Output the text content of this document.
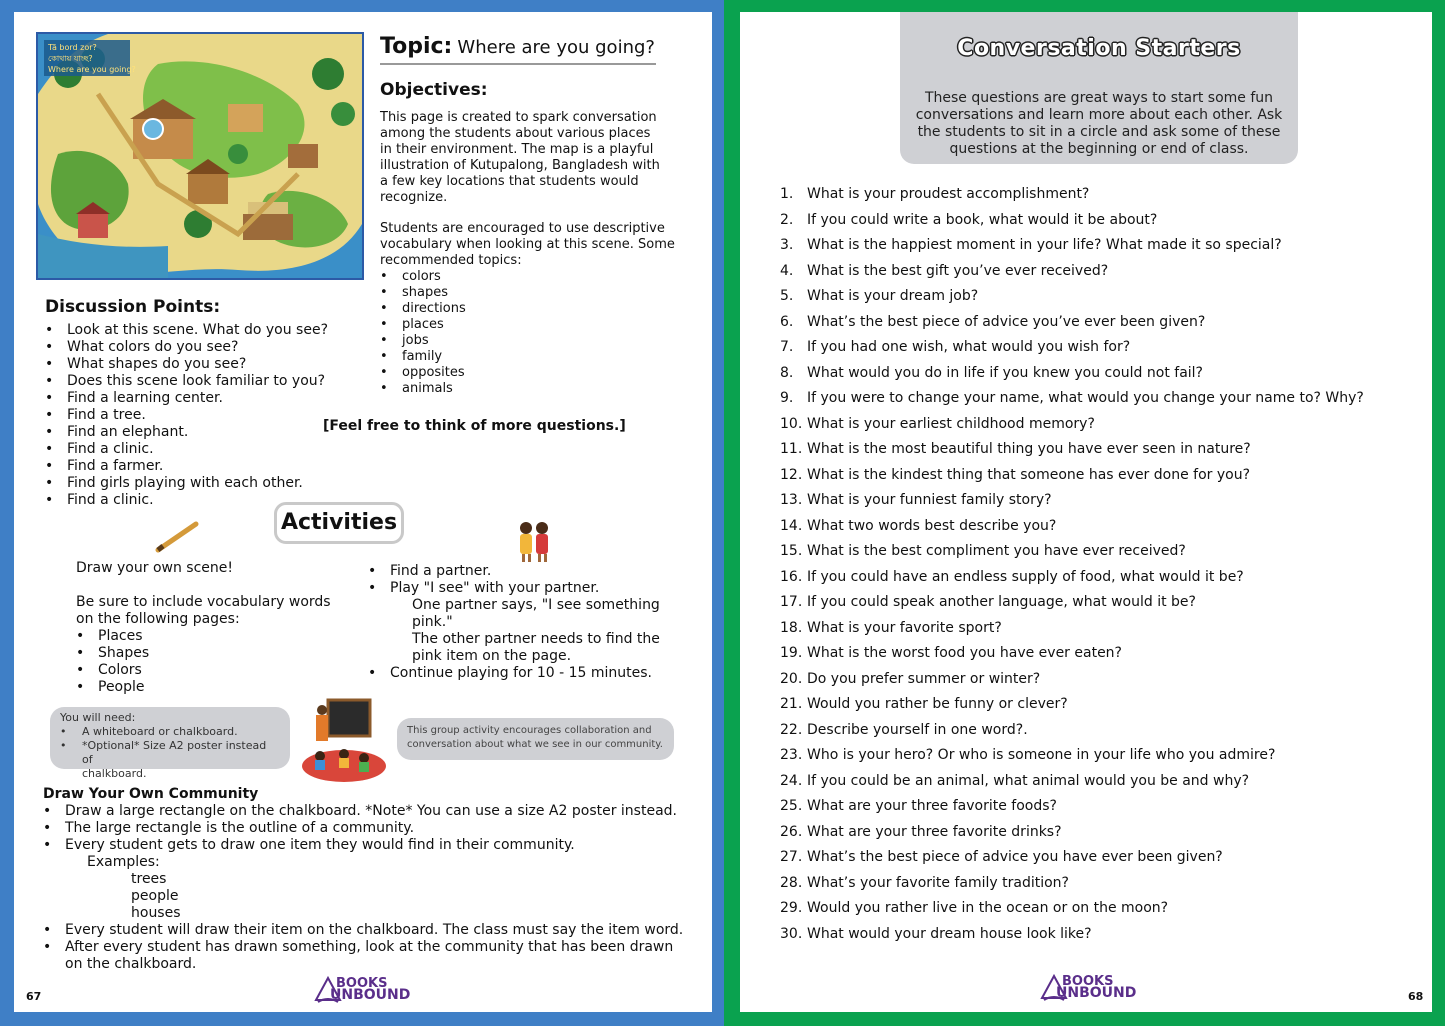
Tã bord zor?
কোথায় যাচ্ছ?
Where are you going?
Topic: Where are you going?
Objectives:
This page is created to spark conversation
among the students about various places
in their environment. The map is a playful
illustration of Kutupalong, Bangladesh with
a few key locations that students would
recognize.
Students are encouraged to use descriptive
vocabulary when looking at this scene. Some
recommended topics:
• colors
• shapes
• directions
• places
• jobs
• family
• opposites
• animals
Discussion Points:
• Look at this scene. What do you see?
• What colors do you see?
• What shapes do you see?
• Does this scene look familiar to you?
• Find a learning center.
• Find a tree.
• Find an elephant.
• Find a clinic.
• Find a farmer.
• Find girls playing with each other.
• Find a clinic.
[Feel free to think of more questions.]
Activities
Draw your own scene!
Be sure to include vocabulary words
on the following pages:
• Places
• Shapes
• Colors
• People
• Find a partner.
• Play "I see" with your partner.
One partner says, "I see something
pink."
The other partner needs to find the
pink item on the page.
• Continue playing for 10 - 15 minutes.
You will need:
• A whiteboard or chalkboard.
• *Optional* Size A2 poster instead of
chalkboard.
This group activity encourages collaboration and
conversation about what we see in our community.
Draw Your Own Community
• Draw a large rectangle on the chalkboard. *Note* You can use a size A2 poster instead.
• The large rectangle is the outline of a community.
• Every student gets to draw one item they would find in their community.
Examples:
trees
people
houses
• Every student will draw their item on the chalkboard. The class must say the item word.
• After every student has drawn something, look at the community that has been drawn
on the chalkboard.
67
BOOKS
UNBOUND
Conversation Starters
These questions are great ways to start some fun
conversations and learn more about each other. Ask
the students to sit in a circle and ask some of these
questions at the beginning or end of class.
1. What is your proudest accomplishment?
2. If you could write a book, what would it be about?
3. What is the happiest moment in your life? What made it so special?
4. What is the best gift you’ve ever received?
5. What is your dream job?
6. What’s the best piece of advice you’ve ever been given?
7. If you had one wish, what would you wish for?
8. What would you do in life if you knew you could not fail?
9. If you were to change your name, what would you change your name to? Why?
10. What is your earliest childhood memory?
11. What is the most beautiful thing you have ever seen in nature?
12. What is the kindest thing that someone has ever done for you?
13. What is your funniest family story?
14. What two words best describe you?
15. What is the best compliment you have ever received?
16. If you could have an endless supply of food, what would it be?
17. If you could speak another language, what would it be?
18. What is your favorite sport?
19. What is the worst food you have ever eaten?
20. Do you prefer summer or winter?
21. Would you rather be funny or clever?
22. Describe yourself in one word?.
23. Who is your hero? Or who is someone in your life who you admire?
24. If you could be an animal, what animal would you be and why?
25. What are your three favorite foods?
26. What are your three favorite drinks?
27. What’s the best piece of advice you have ever been given?
28. What’s your favorite family tradition?
29. Would you rather live in the ocean or on the moon?
30. What would your dream house look like?
BOOKS
UNBOUND	68
